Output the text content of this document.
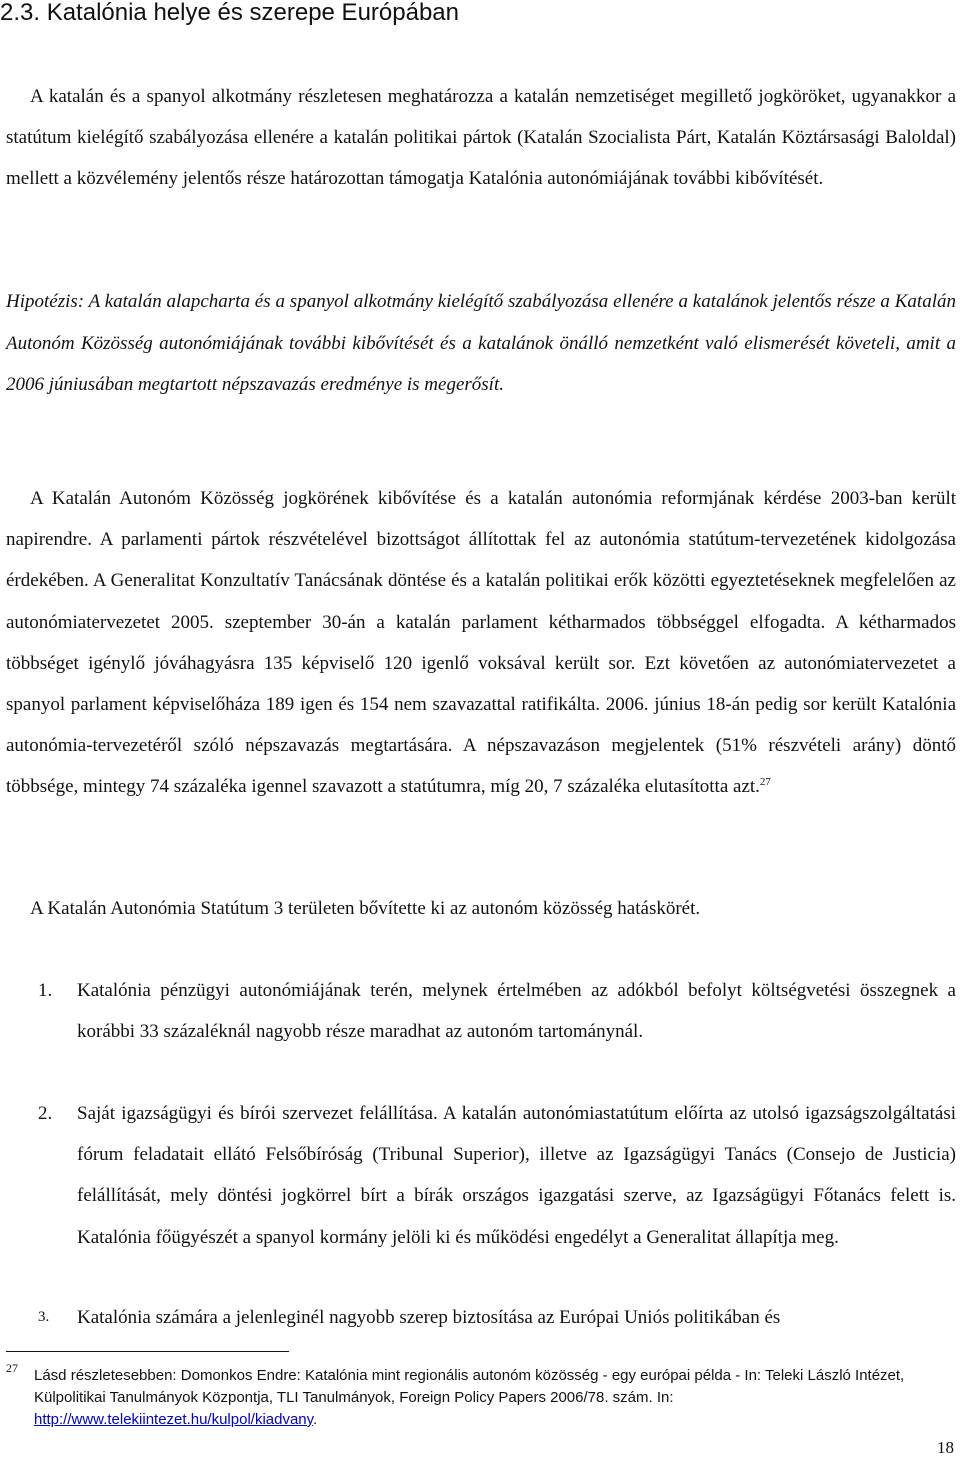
2.3. Katalónia helye és szerepe Európában

A katalán és a spanyol alkotmány részletesen meghatározza a katalán nemzetiséget megillető jogköröket, ugyanakkor a statútum kielégítő szabályozása ellenére a katalán politikai pártok (Katalán Szocialista Párt, Katalán Köztársasági Baloldal) mellett a közvélemény jelentős része határozottan támogatja Katalónia autonómiájának további kibővítését.

Hipotézis: A katalán alapcharta és a spanyol alkotmány kielégítő szabályozása ellenére a katalánok jelentős része a Katalán Autonóm Közösség autonómiájának további kibővítését és a katalánok önálló nemzetként való elismerését követeli, amit a 2006 júniusában megtartott népszavazás eredménye is megerősít.

A Katalán Autonóm Közösség jogkörének kibővítése és a katalán autonómia reformjának kérdése 2003-ban került napirendre. A parlamenti pártok részvételével bizottságot állítottak fel az autonómia statútum-tervezetének kidolgozása érdekében. A Generalitat Konzultatív Tanácsának döntése és a katalán politikai erők közötti egyeztetéseknek megfelelően az autonómiatervezetet 2005. szeptember 30-án a katalán parlament kétharmados többséggel elfogadta. A kétharmados többséget igénylő jóváhagyásra 135 képviselő 120 igenlő voksával került sor. Ezt követően az autonómiatervezetet a spanyol parlament képviselőháza 189 igen és 154 nem szavazattal ratifikálta. 2006. június 18-án pedig sor került Katalónia autonómia-tervezetéről szóló népszavazás megtartására. A népszavazáson megjelentek (51% részvételi arány) döntő többsége, mintegy 74 százaléka igennel szavazott a statútumra, míg 20, 7 százaléka elutasította azt.$^{27}$

A Katalán Autonómia Statútum 3 területen bővítette ki az autonóm közösség hatáskörét.

1. Katalónia pénzügyi autonómiájának terén, melynek értelmében az adókból befolyt költségvetési összegnek a korábbi 33 százaléknál nagyobb része maradhat az autonóm tartománynál.

2. Saját igazságügyi és bírói szervezet felállítása. A katalán autonómiastatútum előírta az utolsó igazságszolgáltatási fórum feladatait ellátó Felsőbíróság (Tribunal Superior), illetve az Igazságügyi Tanács (Consejo de Justicia) felállítását, mely döntési jogkörrel bírt a bírák országos igazgatási szerve, az Igazságügyi Főtanács felett is. Katalónia főügyészét a spanyol kormány jelöli ki és működési engedélyt a Generalitat állapítja meg.

3. Katalónia számára a jelenleginél nagyobb szerep biztosítása az Európai Uniós politikában és

27 Lásd részletesebben: Domonkos Endre: Katalónia mint regionális autonóm közösség - egy európai példa - In: Teleki László Intézet, Külpolitikai Tanulmányok Központja, TLI Tanulmányok, Foreign Policy Papers 2006/78. szám. In: http://www.telekiintezet.hu/kulpol/kiadvany.

18
